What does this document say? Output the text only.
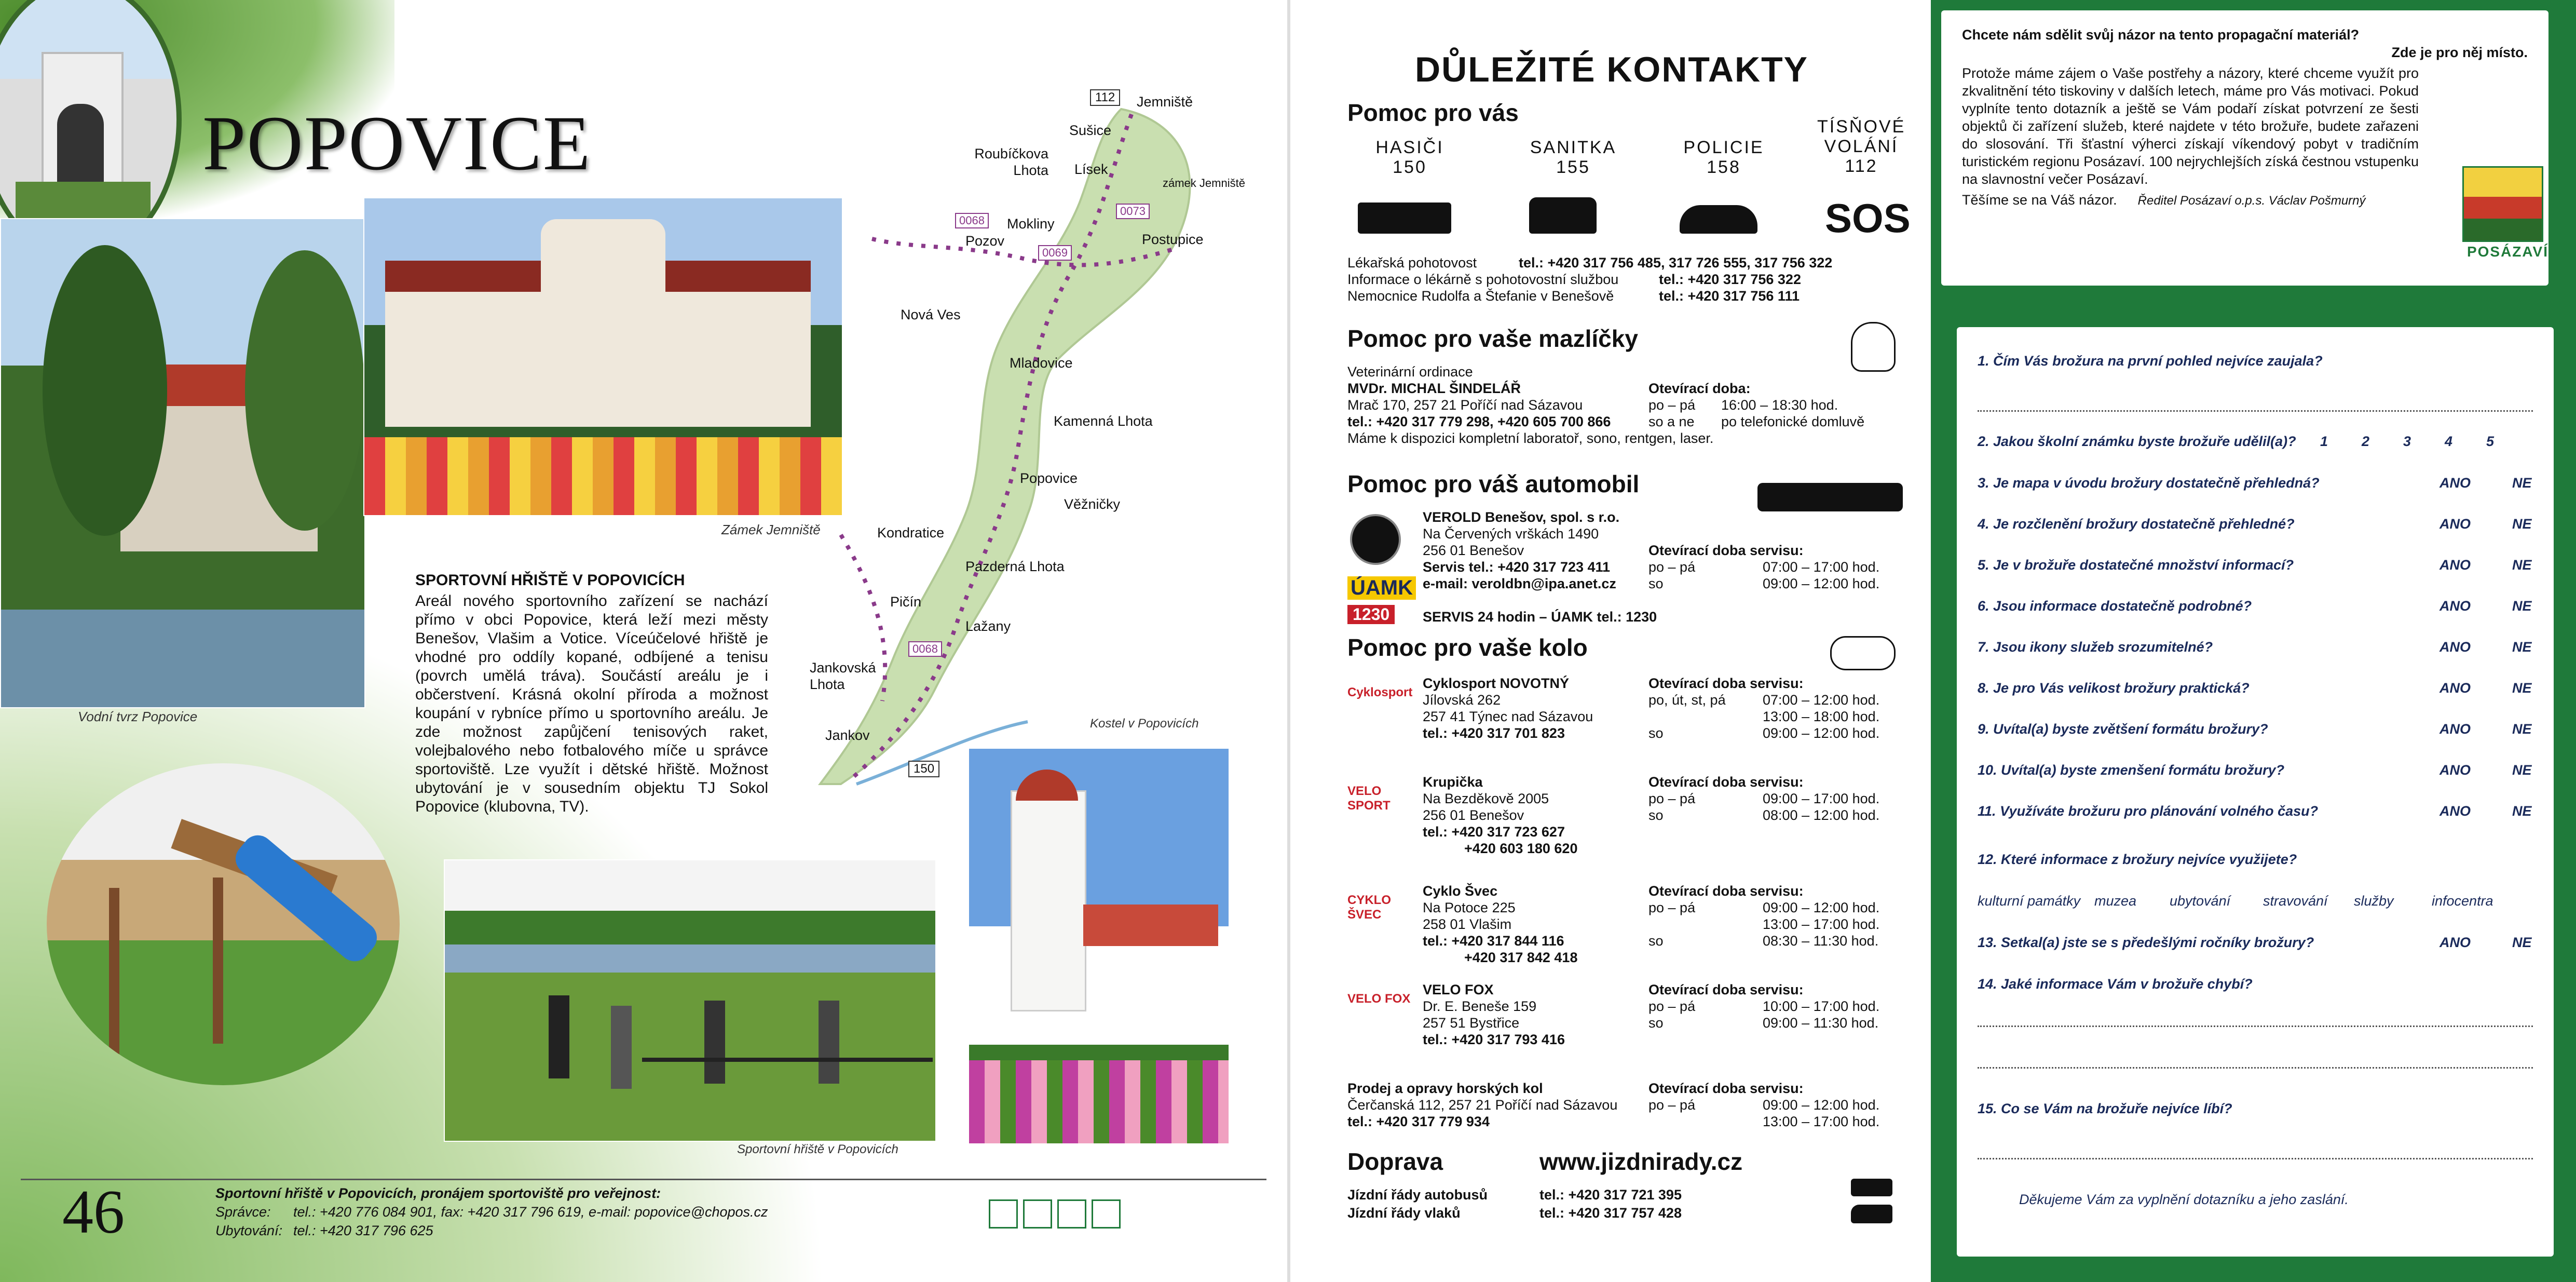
POPOVICE
Vodní tvrz Popovice
Zámek Jemniště
Jemniště
Sušice
Roubíčkova Lhota Lísek
zámek Jemniště
Mokliny
Pozov	Postupice
Nová Ves
Mladovice
Kamenná Lhota
Popovice
Věžničky
Kondratice
Pazderná Lhota
Pičín
Lažany
Jankovská Lhota
Jankov
112
0068
0073
0069
0068
150
SPORTOVNÍ HŘIŠTĚ V POPOVICÍCH

Areál nového sportovního zařízení se nachází přímo v obci Popovice, která leží mezi městy Benešov, Vlašim a Votice. Víceúčelové hřiště je vhodné pro oddíly kopané, odbíjené a tenisu (povrch umělá tráva). Součástí areálu je i občerstvení. Krásná okolní příroda a možnost koupání v rybníce přímo u sportovního areálu. Je zde možnost zapůjčení tenisových raket, volejbalového nebo fotbalového míče u správce sportoviště. Lze využít i dětské hřiště. Možnost ubytování je v sousedním objektu TJ Sokol Popovice (klubovna, TV).

Sportovní hřiště v Popovicích
Kostel v Popovicích
46	Sportovní hřiště v Popovicích, pronájem sportoviště pro veřejnost:
Správce: tel.: +420 776 084 901, fax: +420 317 796 619, e-mail: popovice@chopos.cz
Ubytování: tel.: +420 317 796 625
DŮLEŽITÉ KONTAKTY
Pomoc pro vás
HASIČI
150
SANITKA
155
POLICIE
158
TÍSŇOVÉ VOLÁNÍ
112
SOS
Lékařská pohotovost	tel.: +420 317 756 485, 317 726 555, 317 756 322
Informace o lékárně s pohotovostní službou	tel.: +420 317 756 322
Nemocnice Rudolfa a Štefanie v Benešově	tel.: +420 317 756 111
Pomoc pro vaše mazlíčky
Veterinární ordinace
MVDr. MICHAL ŠINDELÁŘ
Mrač 170, 257 21 Poříčí nad Sázavou
tel.: +420 317 779 298, +420 605 700 866
Máme k dispozici kompletní laboratoř, sono, rentgen, laser.
Otevírací doba:
po – pá 16:00 – 18:30 hod.
so a ne po telefonické domluvě
Pomoc pro váš automobil
VEROLD Benešov, spol. s r.o.
Na Červených vrškách 1490
256 01 Benešov
Servis tel.: +420 317 723 411
e-mail: veroldbn@ipa.anet.cz
Otevírací doba servisu:
po – pá	07:00 – 17:00 hod.
so	09:00 – 12:00 hod.
ÚAMK
1230	SERVIS 24 hodin – ÚAMK tel.: 1230
Pomoc pro vaše kolo
Cyklosport
Cyklosport NOVOTNÝ
Jílovská 262
257 41 Týnec nad Sázavou
tel.: +420 317 701 823
Otevírací doba servisu:
po, út, st, pá	07:00 – 12:00 hod.
13:00 – 18:00 hod.
so	09:00 – 12:00 hod.
VELO SPORT
Krupička
Na Bezděkově 2005
256 01 Benešov
tel.: +420 317 723 627
+420 603 180 620
Otevírací doba servisu:
po – pá	09:00 – 17:00 hod.
so	08:00 – 12:00 hod.
CYKLO ŠVEC
Cyklo Švec
Na Potoce 225
258 01 Vlašim
tel.: +420 317 844 116
+420 317 842 418
Otevírací doba servisu:
po – pá	09:00 – 12:00 hod.
13:00 – 17:00 hod.
so	08:30 – 11:30 hod.
VELO FOX
VELO FOX
Dr. E. Beneše 159
257 51 Bystřice
tel.: +420 317 793 416
Otevírací doba servisu:
po – pá	10:00 – 17:00 hod.
so	09:00 – 11:30 hod.
Prodej a opravy horských kol
Čerčanská 112, 257 21 Poříčí nad Sázavou
tel.: +420 317 779 934
Otevírací doba servisu:
po – pá	09:00 – 12:00 hod.
13:00 – 17:00 hod.
Doprava	www.jizdnirady.cz
Jízdní řády autobusů	tel.: +420 317 721 395
Jízdní řády vlaků	tel.: +420 317 757 428
Chcete nám sdělit svůj názor na tento propagační materiál?
Zde je pro něj místo.
Protože máme zájem o Vaše postřehy a názory, které chceme využít pro zkvalitnění této tiskoviny v dalších letech, máme pro Vás motivaci. Pokud vyplníte tento dotazník a ještě se Vám podaří získat potvrzení ze šesti objektů či zařízení služeb, které najdete v této brožuře, budete zařazeni do slosování. Tři šťastní výherci získají víkendový pobyt v tradičním turistickém regionu Posázaví. 100 nejrychlejších získá čestnou vstupenku na slavnostní večer Posázaví.
Těšíme se na Váš názor. Ředitel Posázaví o.p.s. Václav Pošmurný
POSÁZAVÍ
1. Čím Vás brožura na první pohled nejvíce zaujala?
2. Jakou školní známku byste brožuře udělil(a)?	1	2	3	4	5
3. Je mapa v úvodu brožury dostatečně přehledná?	ANO	NE
4. Je rozčlenění brožury dostatečně přehledné?	ANO	NE
5. Je v brožuře dostatečné množství informací?	ANO	NE
6. Jsou informace dostatečně podrobné?	ANO	NE
7. Jsou ikony služeb srozumitelné?	ANO	NE
8. Je pro Vás velikost brožury praktická?	ANO	NE
9. Uvítal(a) byste zvětšení formátu brožury?	ANO	NE
10. Uvítal(a) byste zmenšení formátu brožury?	ANO	NE
11. Využíváte brožuru pro plánování volného času?	ANO	NE
12. Které informace z brožury nejvíce využijete?
kulturní památky muzea ubytování stravování služby	infocentra
13. Setkal(a) jste se s předešlými ročníky brožury?	ANO	NE
14. Jaké informace Vám v brožuře chybí?
15. Co se Vám na brožuře nejvíce líbí?
Děkujeme Vám za vyplnění dotazníku a jeho zaslání.
